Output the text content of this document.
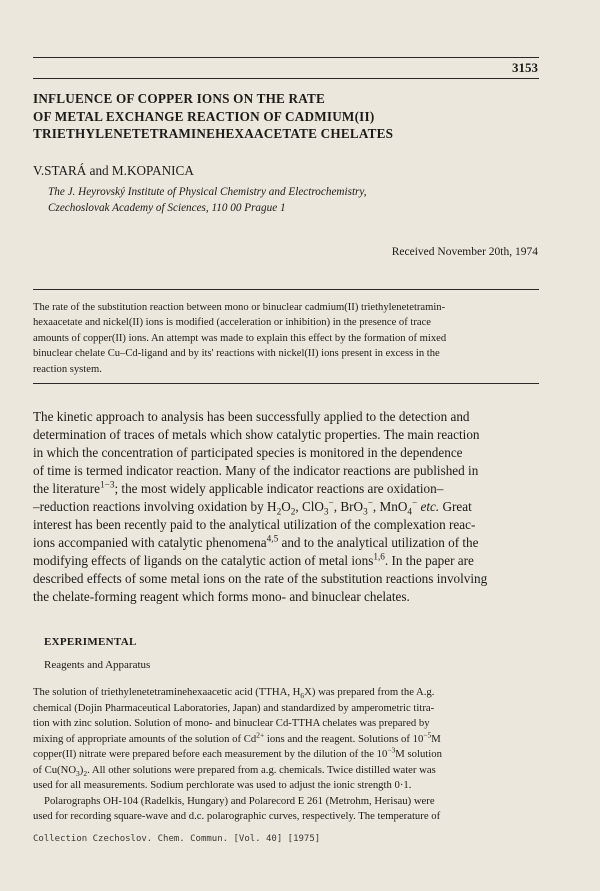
3153
INFLUENCE OF COPPER IONS ON THE RATE
OF METAL EXCHANGE REACTION OF CADMIUM(II)
TRIETHYLENETETRAMINEHEXAACETATE CHELATES
V.STARÁ and M.KOPANICA
The J. Heyrovský Institute of Physical Chemistry and Electrochemistry,
Czechoslovak Academy of Sciences, 110 00 Prague 1
Received November 20th, 1974
The rate of the substitution reaction between mono or binuclear cadmium(II) triethylenetetramin-
hexaacetate and nickel(II) ions is modified (acceleration or inhibition) in the presence of trace
amounts of copper(II) ions. An attempt was made to explain this effect by the formation of mixed
binuclear chelate Cu–Cd-ligand and by its' reactions with nickel(II) ions present in excess in the
reaction system.
The kinetic approach to analysis has been successfully applied to the detection and
determination of traces of metals which show catalytic properties. The main reaction
in which the concentration of participated species is monitored in the dependence
of time is termed indicator reaction. Many of the indicator reactions are published in
the literature$^{1-3}$; the most widely applicable indicator reactions are oxidation–
–reduction reactions involving oxidation by $H_2O_2$, ClO$_3$−, BrO$_3$−, MnO$_4$− etc. Great
interest has been recently paid to the analytical utilization of the complexation reac-
ions accompanied with catalytic phenomena$^{4,5}$ and to the analytical utilization of the
modifying effects of ligands on the catalytic action of metal ions$^{1,6}$. In the paper are
described effects of some metal ions on the rate of the substitution reactions involving
the chelate-forming reagent which forms mono- and binuclear chelates.
EXPERIMENTAL
Reagents and Apparatus
The solution of triethylenetetraminehexaacetic acid (TTHA, $H_6X$) was prepared from the A.g.
chemical (Dojin Pharmaceutical Laboratories, Japan) and standardized by amperometric titra-
tion with zinc solution. Solution of mono- and binuclear Cd-TTHA chelates was prepared by
mixing of appropriate amounts of the solution of $Cd^{2+}$ ions and the reagent. Solutions of $10^{-5}M$
copper(II) nitrate were prepared before each measurement by the dilution of the $10^{-3}M$ solution
of $Cu(NO_3)_2$. All other solutions were prepared from a.g. chemicals. Twice distilled water was
used for all measurements. Sodium perchlorate was used to adjust the ionic strength 0·1.
Polarographs OH-104 (Radelkis, Hungary) and Polarecord E 261 (Metrohm, Herisau) were
used for recording square-wave and d.c. polarographic curves, respectively. The temperature of
Collection Czechoslov. Chem. Commun. [Vol. 40] [1975]
